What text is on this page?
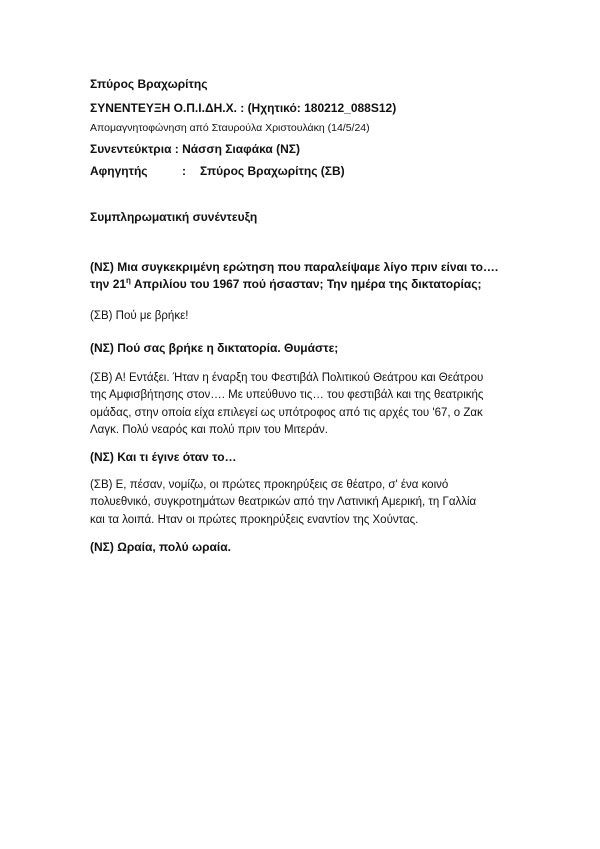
Σπύρος Βραχωρίτης

ΣΥΝΕΝΤΕΥΞΗ Ο.Π.Ι.ΔΗ.Χ. : (Ηχητικό: 180212_088S12)

Απομαγνητοφώνηση από Σταυρούλα Χριστουλάκη (14/5/24)

Συνεντεύκτρια : Νάσση Σιαφάκα (ΝΣ)

Αφηγητής	:	Σπύρος Βραχωρίτης (ΣΒ)

Συμπληρωματική συνέντευξη

(ΝΣ) Μια συγκεκριμένη ερώτηση που παραλείψαμε λίγο πριν είναι το….
την $21^\eta$ Απριλίου του 1967 πού ήσασταν; Την ημέρα της δικτατορίας;
(ΣΒ) Πού με βρήκε!
(ΝΣ) Πού σας βρήκε η δικτατορία. Θυμάστε;
(ΣΒ) Α! Εντάξει. Ήταν η έναρξη του Φεστιβάλ Πολιτικού Θεάτρου και Θεάτρου
της Αμφισβήτησης στον…. Με υπεύθυνο τις… του φεστιβάλ και της θεατρικής
ομάδας, στην οποία είχα επιλεγεί ως υπότροφος από τις αρχές του '67, ο Ζακ
Λαγκ. Πολύ νεαρός και πολύ πριν του Μιτεράν.
(ΝΣ) Και τι έγινε όταν το…
(ΣΒ) Ε, πέσαν, νομίζω, οι πρώτες προκηρύξεις σε θέατρο, σ' ένα κοινό
πολυεθνικό, συγκροτημάτων θεατρικών από την Λατινική Αμερική, τη Γαλλία
και τα λοιπά. Ηταν οι πρώτες προκηρύξεις εναντίον της Χούντας.
(ΝΣ) Ωραία, πολύ ωραία.
